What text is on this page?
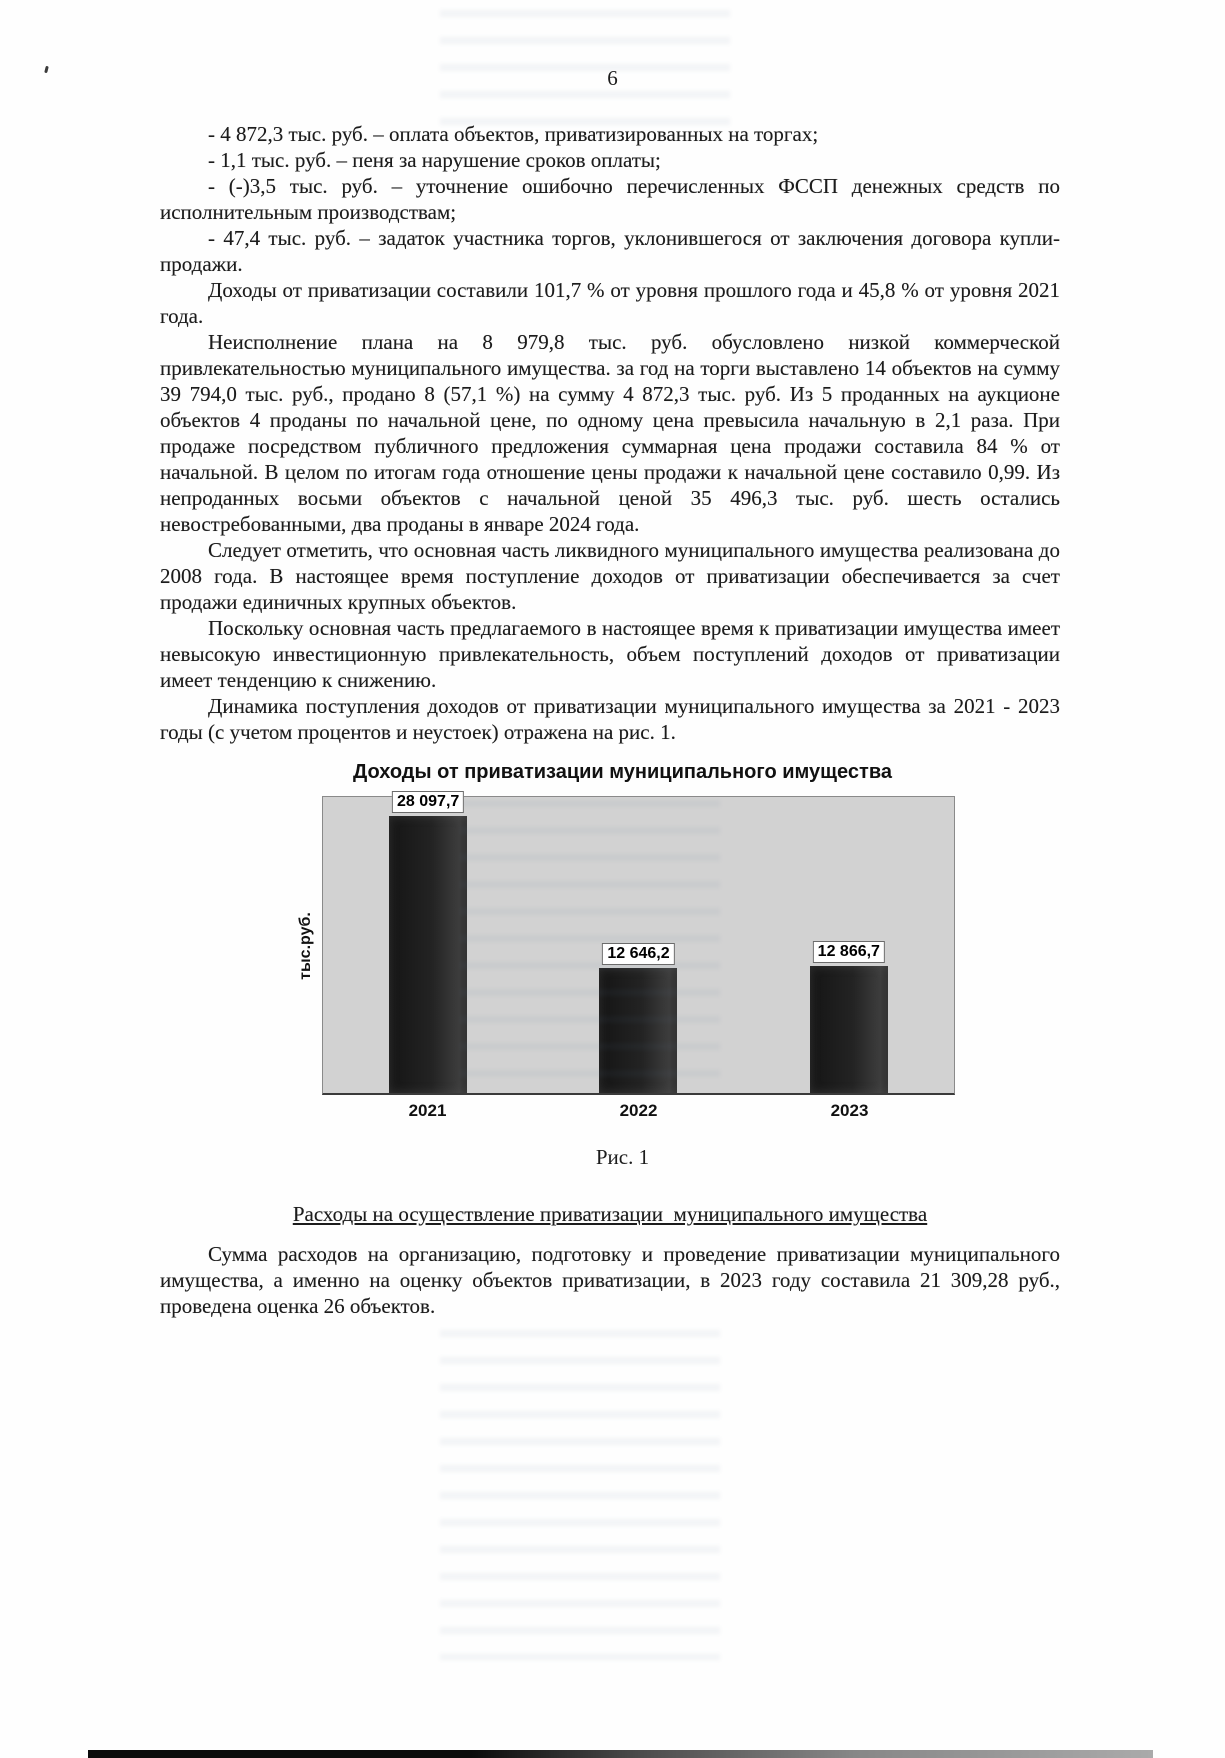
6

- 4 872,3 тыс. руб. – оплата объектов, приватизированных на торгах;

- 1,1 тыс. руб. – пеня за нарушение сроков оплаты;

- (-)3,5 тыс. руб. – уточнение ошибочно перечисленных ФССП денежных средств по исполнительным производствам;

- 47,4 тыс. руб. – задаток участника торгов, уклонившегося от заключения договора купли-продажи.

Доходы от приватизации составили 101,7 % от уровня прошлого года и 45,8 % от уровня 2021 года.

Неисполнение плана на 8 979,8 тыс. руб. обусловлено низкой коммерческой привлекательностью муниципального имущества. за год на торги выставлено 14 объектов на сумму 39 794,0 тыс. руб., продано 8 (57,1 %) на сумму 4 872,3 тыс. руб. Из 5 проданных на аукционе объектов 4 проданы по начальной цене, по одному цена превысила начальную в 2,1 раза. При продаже посредством публичного предложения суммарная цена продажи составила 84 % от начальной. В целом по итогам года отношение цены продажи к начальной цене составило 0,99. Из непроданных восьми объектов с начальной ценой 35 496,3 тыс. руб. шесть остались невостребованными, два проданы в январе 2024 года.

Следует отметить, что основная часть ликвидного муниципального имущества реализована до 2008 года. В настоящее время поступление доходов от приватизации обеспечивается за счет продажи единичных крупных объектов.

Поскольку основная часть предлагаемого в настоящее время к приватизации имущества имеет невысокую инвестиционную привлекательность, объем поступлений доходов от приватизации имеет тенденцию к снижению.

Динамика поступления доходов от приватизации муниципального имущества за 2021 - 2023 годы (с учетом процентов и неустоек) отражена на рис. 1.

Доходы от приватизации муниципального имущества
тыс.руб.
28 097,7
12 646,2	12 866,7
2021	2022	2023
Рис. 1
Расходы на осуществление приватизации  муниципального имущества

Сумма расходов на организацию, подготовку и проведение приватизации муниципального имущества, а именно на оценку объектов приватизации, в 2023 году составила 21 309,28 руб., проведена оценка 26 объектов.
